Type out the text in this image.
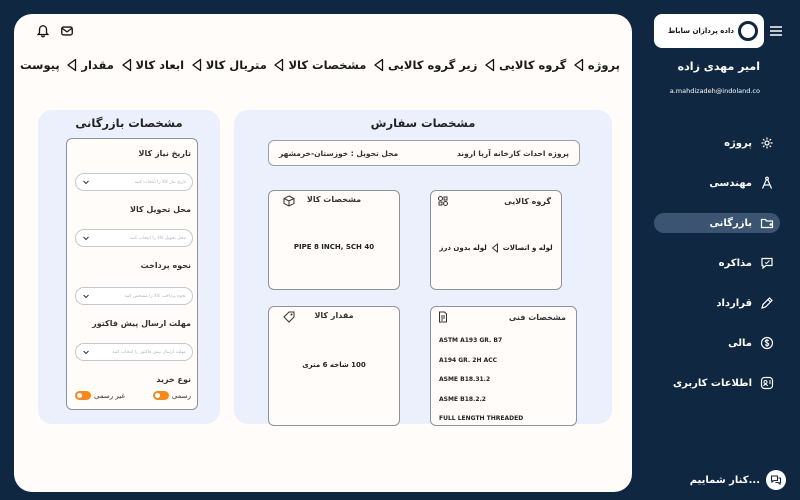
پروژه
گروه کالایی
زیر گروه کالایی
مشخصات کالا
متریال کالا
ابعاد کالا
مقدار
پیوست
مشخصات سفارش
پروژه احداث کارخانه آریا اروند
محل تحویل : خوزستان-خرمشهر
گروه کالایی
لوله و اتصالات
لوله بدون درز
مشخصات کالا
PIPE 8 INCH, SCH 40
مشخصات فنی
ASTM A193 GR. B7
A194 GR. 2H ACC
ASME B18.31.2
ASME B18.2.2
FULL LENGTH THREADED
مقدار کالا
100 شاخه 6 متری
مشخصات بازرگانی
تاریخ نیاز کالا
تاریخ نیاز کالا را انتخاب کنید
محل تحویل کالا
محل تحویل کالا را انتخاب کنید
نحوه پرداخت
نحوه پرداخت کالا را مشخص کنید
مهلت ارسال پیش فاکتور
مهلت ارسال پیش فاکتور را انتخاب کنید
نوع خرید
غیر رسمی	رسمی
داده پردازان ساباط
امیر مهدی زاده
a.mahdizadeh@indoland.co
پروژه
مهندسی
بازرگانی
مذاکره
قرارداد
مالی
اطلاعات کاربری
کنار شماییم...
